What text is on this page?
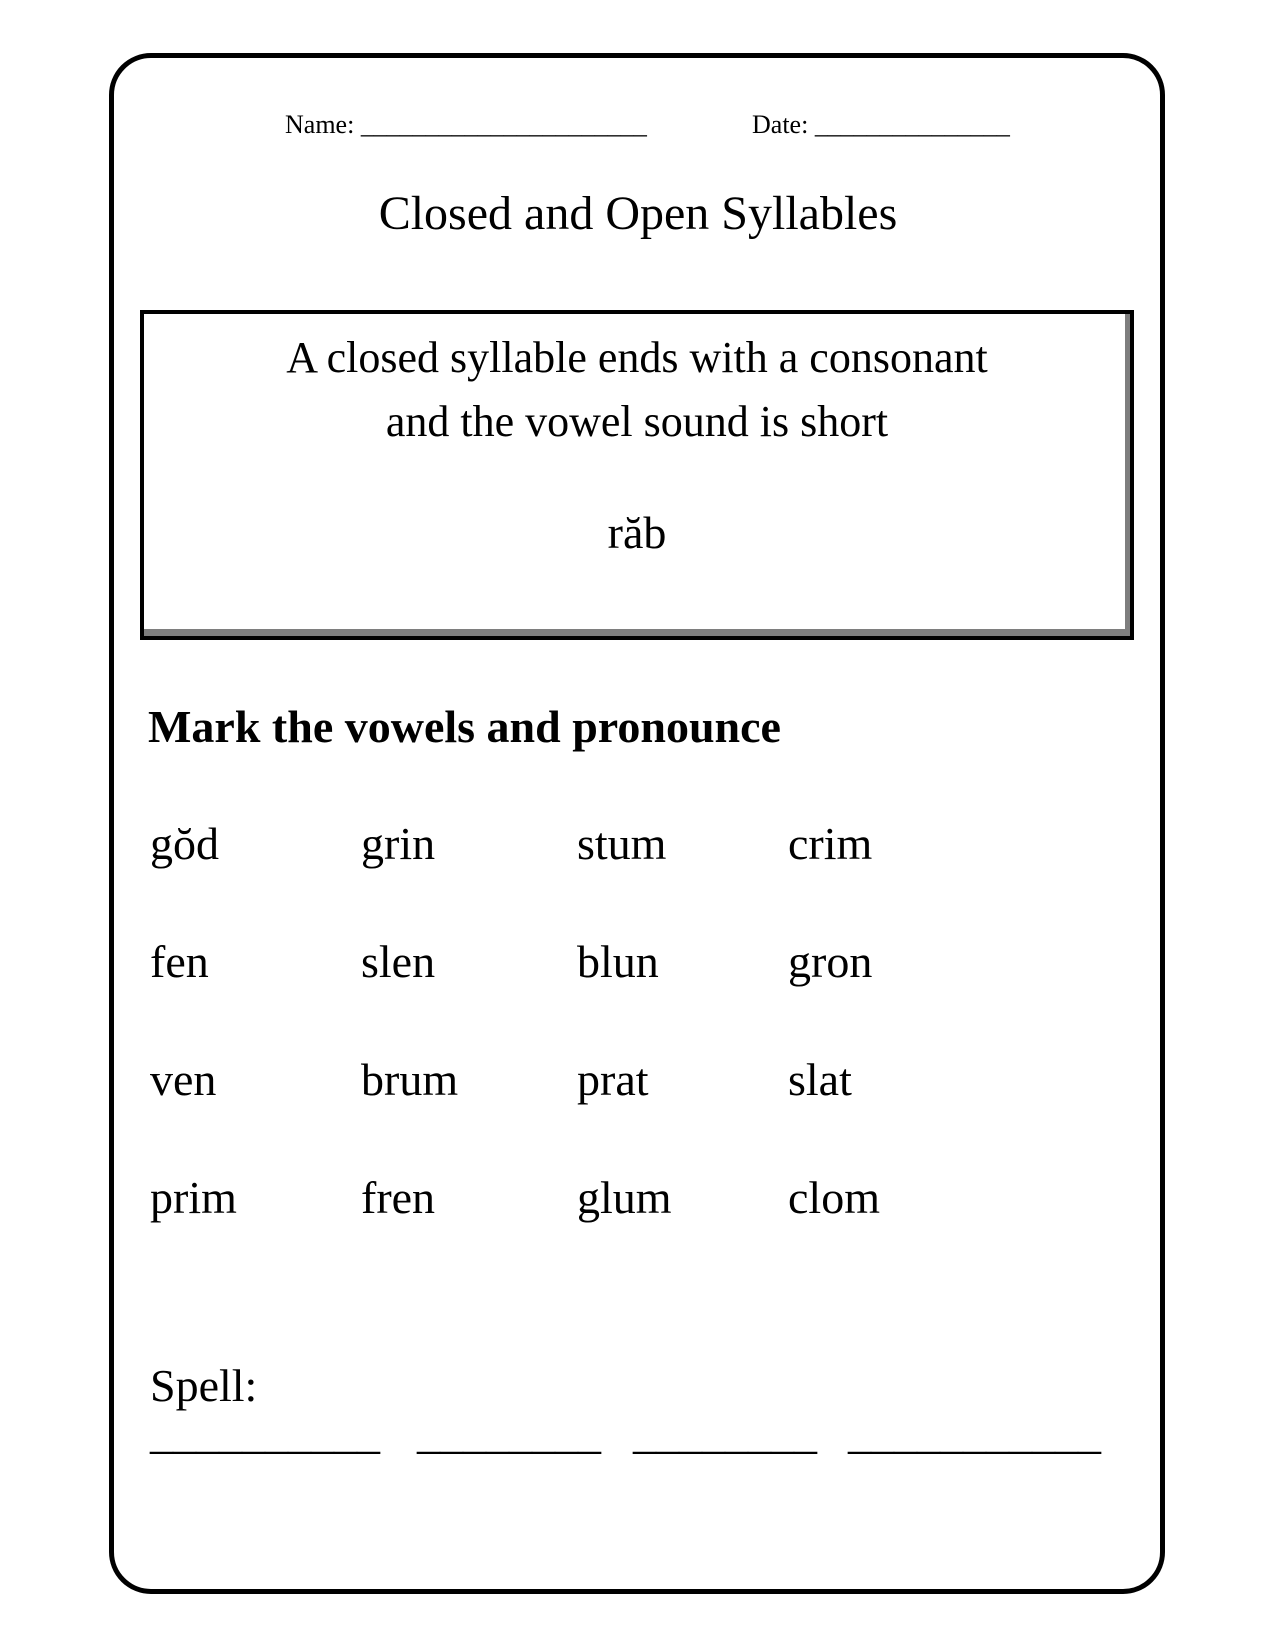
Name: ______________________	Date: _______________
Closed and Open Syllables
A closed syllable ends with a consonant
and the vowel sound is short
răb
Mark the vowels and pronounce
gŏd	grin	stum	crim
fen	slen	blun	gron
ven	brum	prat	slat
prim	fren	glum	clom
Spell:
__________ ________ ________ ___________
